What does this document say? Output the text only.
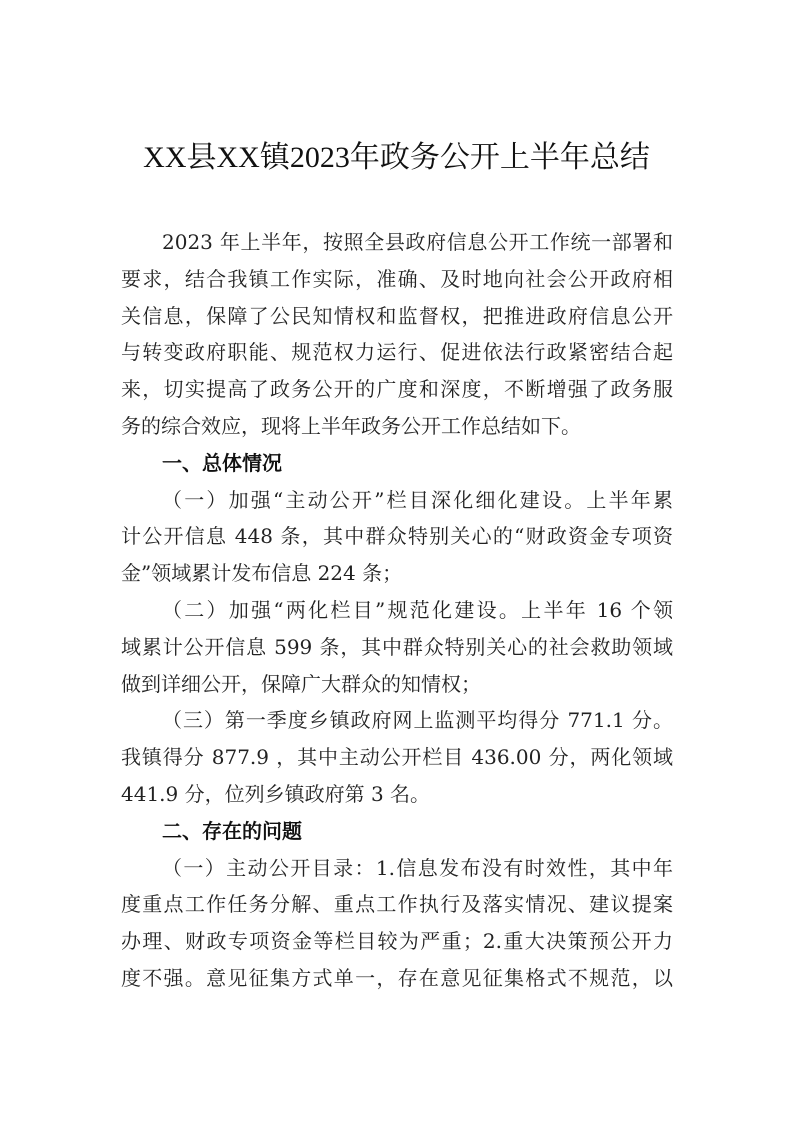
XX县XX镇2023年政务公开上半年总结
2023 年上半年，按照全县政府信息公开工作统一部署和
要求，结合我镇工作实际，准确、及时地向社会公开政府相
关信息，保障了公民知情权和监督权，把推进政府信息公开
与转变政府职能、规范权力运行、促进依法行政紧密结合起
来，切实提高了政务公开的广度和深度，不断增强了政务服
务的综合效应，现将上半年政务公开工作总结如下。
一、总体情况
（一）加强“主动公开”栏目深化细化建设。上半年累
计公开信息 448 条，其中群众特别关心的“财政资金专项资
金”领域累计发布信息 224 条；
（二）加强“两化栏目”规范化建设。上半年 16 个领
域累计公开信息 599 条，其中群众特别关心的社会救助领域
做到详细公开，保障广大群众的知情权；
（三）第一季度乡镇政府网上监测平均得分 771.1 分。
我镇得分 877.9 ，其中主动公开栏目 436.00 分，两化领域
441.9 分，位列乡镇政府第 3 名。
二、存在的问题
（一）主动公开目录：1.信息发布没有时效性，其中年
度重点工作任务分解、重点工作执行及落实情况、建议提案
办理、财政专项资金等栏目较为严重；2.重大决策预公开力
度不强。意见征集方式单一，存在意见征集格式不规范，以
